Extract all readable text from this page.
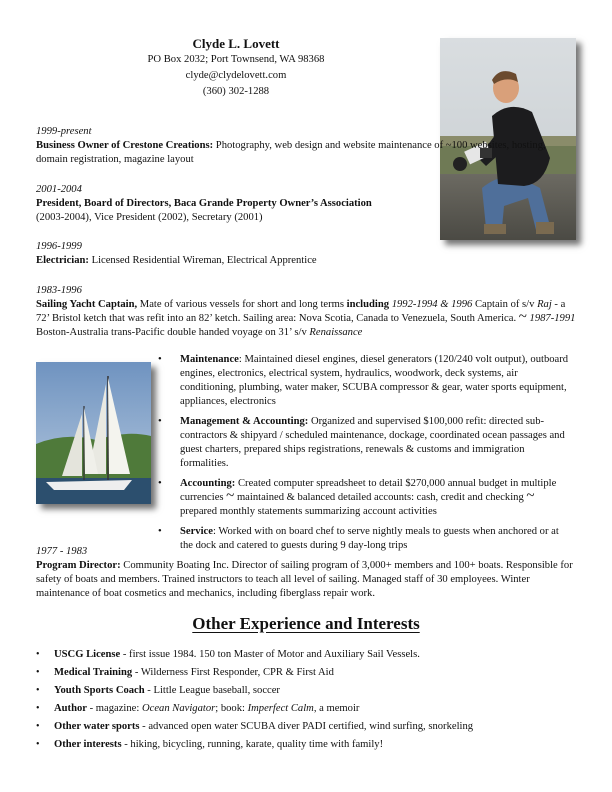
Clyde L. Lovett
PO Box 2032; Port Townsend, WA 98368
clyde@clydelovett.com
(360) 302-1288
1999-present
Business Owner of Crestone Creations: Photography, web design and website maintenance of ~100 websites, hosting, domain registration, magazine layout
2001-2004
President, Board of Directors, Baca Grande Property Owner’s Association
(2003-2004), Vice President (2002), Secretary (2001)
1996-1999
Electrician: Licensed Residential Wireman, Electrical Apprentice
1983-1996
Sailing Yacht Captain, Mate of various vessels for short and long terms including 1992-1994 & 1996 Captain of s/v Raj - a 72’ Bristol ketch that was refit into an 82’ ketch. Sailing area: Nova Scotia, Canada to Venezuela, South America. ~ 1987-1991 Boston-Australia trans-Pacific double handed voyage on 31’ s/v Renaissance
• Maintenance: Maintained diesel engines, diesel generators (120/240 volt output), outboard engines, electronics, electrical system, hydraulics, woodwork, deck systems, air conditioning, plumbing, water maker, SCUBA compressor & gear, water sports equipment, appliances, electronics
• Management & Accounting: Organized and supervised $100,000 refit: directed sub-contractors & shipyard / scheduled maintenance, dockage, coordinated ocean passages and guest charters, prepared ships registrations, renewals & customs and immigration formalities.
• Accounting: Created computer spreadsheet to detail $270,000 annual budget in multiple currencies ~ maintained & balanced detailed accounts: cash, credit and checking ~ prepared monthly statements summarizing account activities
• Service: Worked with on board chef to serve nightly meals to guests when anchored or at the dock and catered to guests during 9 day-long trips
1977 - 1983
Program Director: Community Boating Inc. Director of sailing program of 3,000+ members and 100+ boats. Responsible for safety of boats and members. Trained instructors to teach all level of sailing. Managed staff of 30 employees. Winter maintenance of boat cosmetics and mechanics, including fiberglass repair work.
Other Experience and Interests
• USCG License - first issue 1984. 150 ton Master of Motor and Auxiliary Sail Vessels.
• Medical Training - Wilderness First Responder, CPR & First Aid
• Youth Sports Coach - Little League baseball, soccer
• Author - magazine: Ocean Navigator; book: Imperfect Calm, a memoir
• Other water sports - advanced open water SCUBA diver PADI certified, wind surfing, snorkeling
• Other interests - hiking, bicycling, running, karate, quality time with family!
